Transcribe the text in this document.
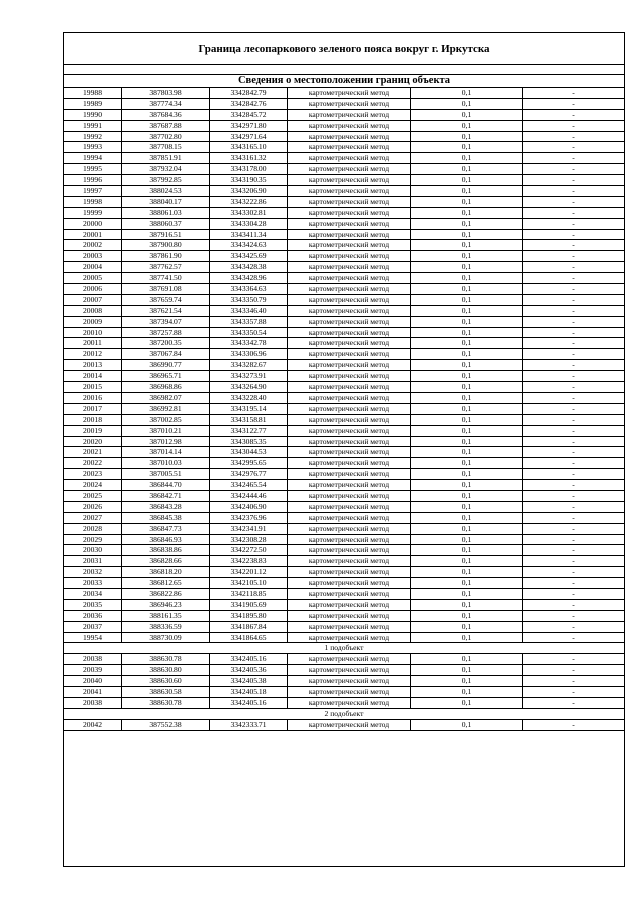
Граница лесопаркового зеленого пояса вокруг г. Иркутска
Сведения о местоположении границ объекта
19988	387803.98	3342842.79	картометрический метод	0,1	-
19989	387774.34	3342842.76	картометрический метод	0,1	-
19990	387684.36	3342845.72	картометрический метод	0,1	-
19991	387687.88	3342971.80	картометрический метод	0,1	-
19992	387702.80	3342971.64	картометрический метод	0,1	-
19993	387708.15	3343165.10	картометрический метод	0,1	-
19994	387851.91	3343161.32	картометрический метод	0,1	-
19995	387932.04	3343178.00	картометрический метод	0,1	-
19996	387992.85	3343190.35	картометрический метод	0,1	-
19997	388024.53	3343206.90	картометрический метод	0,1	-
19998	388040.17	3343222.86	картометрический метод	0,1	-
19999	388061.03	3343302.81	картометрический метод	0,1	-
20000	388060.37	3343304.28	картометрический метод	0,1	-
20001	387916.51	3343411.34	картометрический метод	0,1	-
20002	387900.80	3343424.63	картометрический метод	0,1	-
20003	387861.90	3343425.69	картометрический метод	0,1	-
20004	387762.57	3343428.38	картометрический метод	0,1	-
20005	387741.50	3343428.96	картометрический метод	0,1	-
20006	387691.08	3343364.63	картометрический метод	0,1	-
20007	387659.74	3343350.79	картометрический метод	0,1	-
20008	387621.54	3343346.40	картометрический метод	0,1	-
20009	387394.07	3343357.88	картометрический метод	0,1	-
20010	387257.88	3343350.54	картометрический метод	0,1	-
20011	387200.35	3343342.78	картометрический метод	0,1	-
20012	387067.84	3343306.96	картометрический метод	0,1	-
20013	386990.77	3343282.67	картометрический метод	0,1	-
20014	386965.71	3343273.91	картометрический метод	0,1	-
20015	386968.86	3343264.90	картометрический метод	0,1	-
20016	386982.07	3343228.40	картометрический метод	0,1	-
20017	386992.81	3343195.14	картометрический метод	0,1	-
20018	387002.85	3343158.81	картометрический метод	0,1	-
20019	387010.21	3343122.77	картометрический метод	0,1	-
20020	387012.98	3343085.35	картометрический метод	0,1	-
20021	387014.14	3343044.53	картометрический метод	0,1	-
20022	387010.03	3342995.65	картометрический метод	0,1	-
20023	387005.51	3342976.77	картометрический метод	0,1	-
20024	386844.70	3342465.54	картометрический метод	0,1	-
20025	386842.71	3342444.46	картометрический метод	0,1	-
20026	386843.28	3342406.90	картометрический метод	0,1	-
20027	386845.38	3342376.96	картометрический метод	0,1	-
20028	386847.73	3342341.91	картометрический метод	0,1	-
20029	386846.93	3342308.28	картометрический метод	0,1	-
20030	386838.86	3342272.50	картометрический метод	0,1	-
20031	386828.66	3342238.83	картометрический метод	0,1	-
20032	386818.20	3342201.12	картометрический метод	0,1	-
20033	386812.65	3342105.10	картометрический метод	0,1	-
20034	386822.86	3342118.85	картометрический метод	0,1	-
20035	386946.23	3341905.69	картометрический метод	0,1	-
20036	388161.35	3341895.80	картометрический метод	0,1	-
20037	388336.59	3341867.84	картометрический метод	0,1	-
19954	388730.09	3341864.65	картометрический метод	0,1	-
1 подобъект
20038	388630.78	3342405.16	картометрический метод	0,1	-
20039	388630.80	3342405.36	картометрический метод	0,1	-
20040	388630.60	3342405.38	картометрический метод	0,1	-
20041	388630.58	3342405.18	картометрический метод	0,1	-
20038	388630.78	3342405.16	картометрический метод	0,1	-
2 подобъект
20042	387552.38	3342333.71	картометрический метод	0,1	-
